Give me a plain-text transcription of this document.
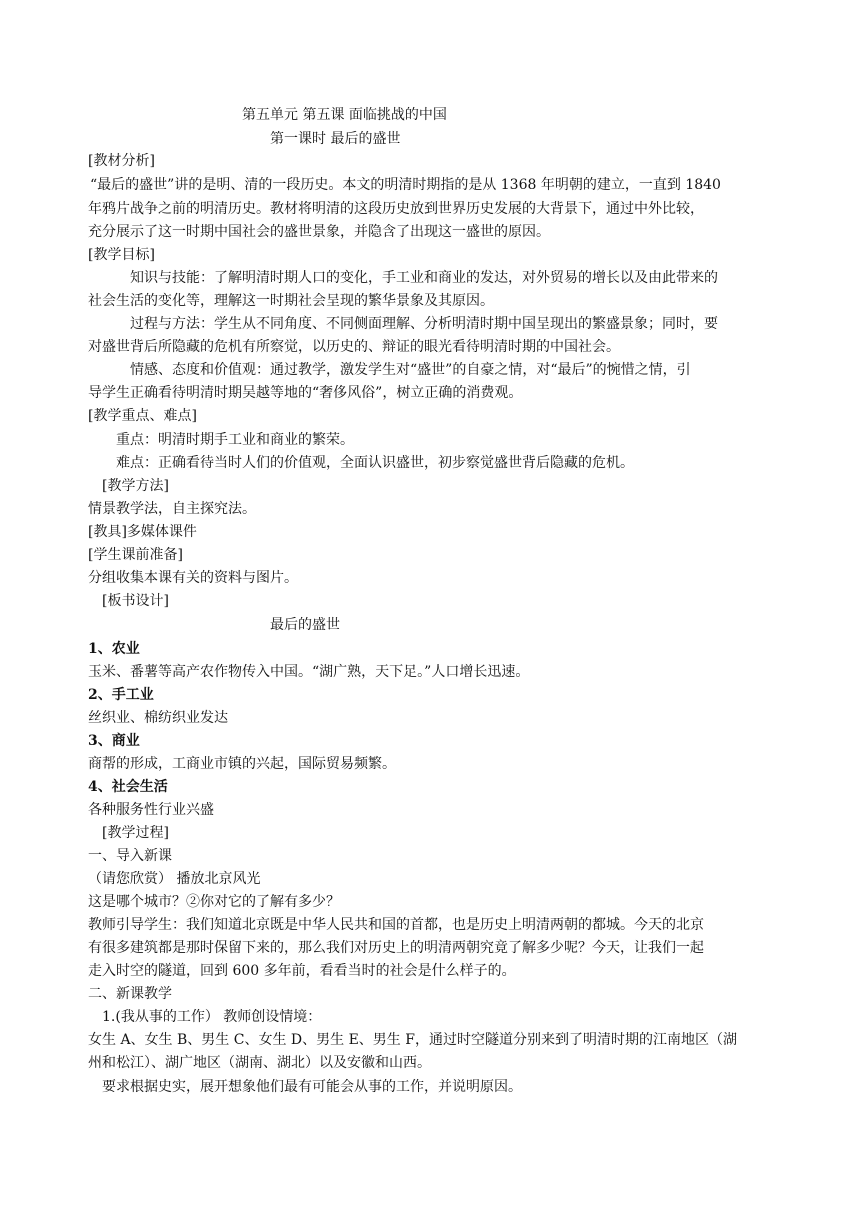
第五单元 第五课 面临挑战的中国
第一课时 最后的盛世
[教材分析]
“最后的盛世”讲的是明、清的一段历史。本文的明清时期指的是从 1368 年明朝的建立，一直到 1840
年鸦片战争之前的明清历史。教材将明清的这段历史放到世界历史发展的大背景下，通过中外比较，
充分展示了这一时期中国社会的盛世景象，并隐含了出现这一盛世的原因。
[教学目标]
知识与技能：了解明清时期人口的变化，手工业和商业的发达，对外贸易的增长以及由此带来的
社会生活的变化等，理解这一时期社会呈现的繁华景象及其原因。
过程与方法：学生从不同角度、不同侧面理解、分析明清时期中国呈现出的繁盛景象；同时，要
对盛世背后所隐藏的危机有所察觉，以历史的、辩证的眼光看待明清时期的中国社会。
情感、态度和价值观：通过教学，激发学生对“盛世”的自豪之情，对“最后”的惋惜之情，引
导学生正确看待明清时期吴越等地的“奢侈风俗”，树立正确的消费观。
[教学重点、难点]
重点：明清时期手工业和商业的繁荣。
难点：正确看待当时人们的价值观，全面认识盛世，初步察觉盛世背后隐藏的危机。
[教学方法]
情景教学法，自主探究法。
[教具]多媒体课件
[学生课前准备]
分组收集本课有关的资料与图片。
[板书设计]
最后的盛世
1、农业
玉米、番薯等高产农作物传入中国。“湖广熟，天下足。”人口增长迅速。
2、手工业
丝织业、棉纺织业发达
3、商业
商帮的形成，工商业市镇的兴起，国际贸易频繁。
4、社会生活
各种服务性行业兴盛
[教学过程]
一、导入新课
（请您欣赏） 播放北京风光
这是哪个城市？②你对它的了解有多少？
教师引导学生：我们知道北京既是中华人民共和国的首都，也是历史上明清两朝的都城。今天的北京
有很多建筑都是那时保留下来的，那么我们对历史上的明清两朝究竟了解多少呢？今天，让我们一起
走入时空的隧道，回到 600 多年前，看看当时的社会是什么样子的。
二、新课教学
1.(我从事的工作） 教师创设情境：
女生 A、女生 B、男生 C、女生 D、男生 E、男生 F，通过时空隧道分别来到了明清时期的江南地区（湖
州和松江）、湖广地区（湖南、湖北）以及安徽和山西。
要求根据史实，展开想象他们最有可能会从事的工作，并说明原因。
